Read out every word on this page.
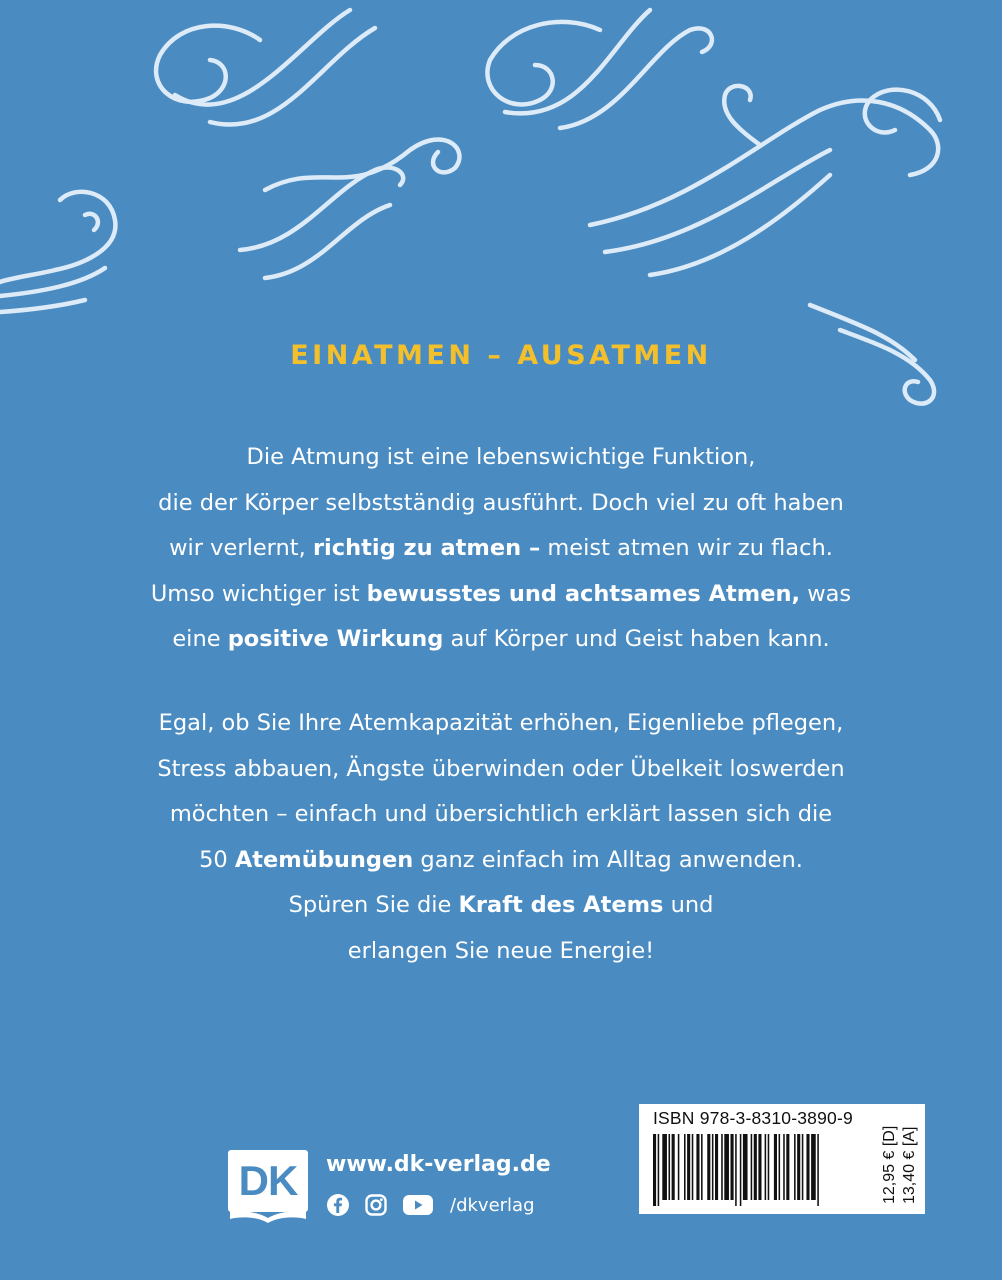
EINATMEN – AUSATMEN
Die Atmung ist eine lebenswichtige Funktion,
die der Körper selbstständig ausführt. Doch viel zu oft haben
wir verlernt, richtig zu atmen – meist atmen wir zu flach.
Umso wichtiger ist bewusstes und achtsames Atmen, was
eine positive Wirkung auf Körper und Geist haben kann.
Egal, ob Sie Ihre Atemkapazität erhöhen, Eigenliebe pflegen,
Stress abbauen, Ängste überwinden oder Übelkeit loswerden
möchten – einfach und übersichtlich erklärt lassen sich die
50 Atemübungen ganz einfach im Alltag anwenden.
Spüren Sie die Kraft des Atems und
erlangen Sie neue Energie!
DK	www.dk-verlag.de
/dkverlag
ISBN 978-3-8310-3890-9
12,95 € [D] 13,40 € [A]
